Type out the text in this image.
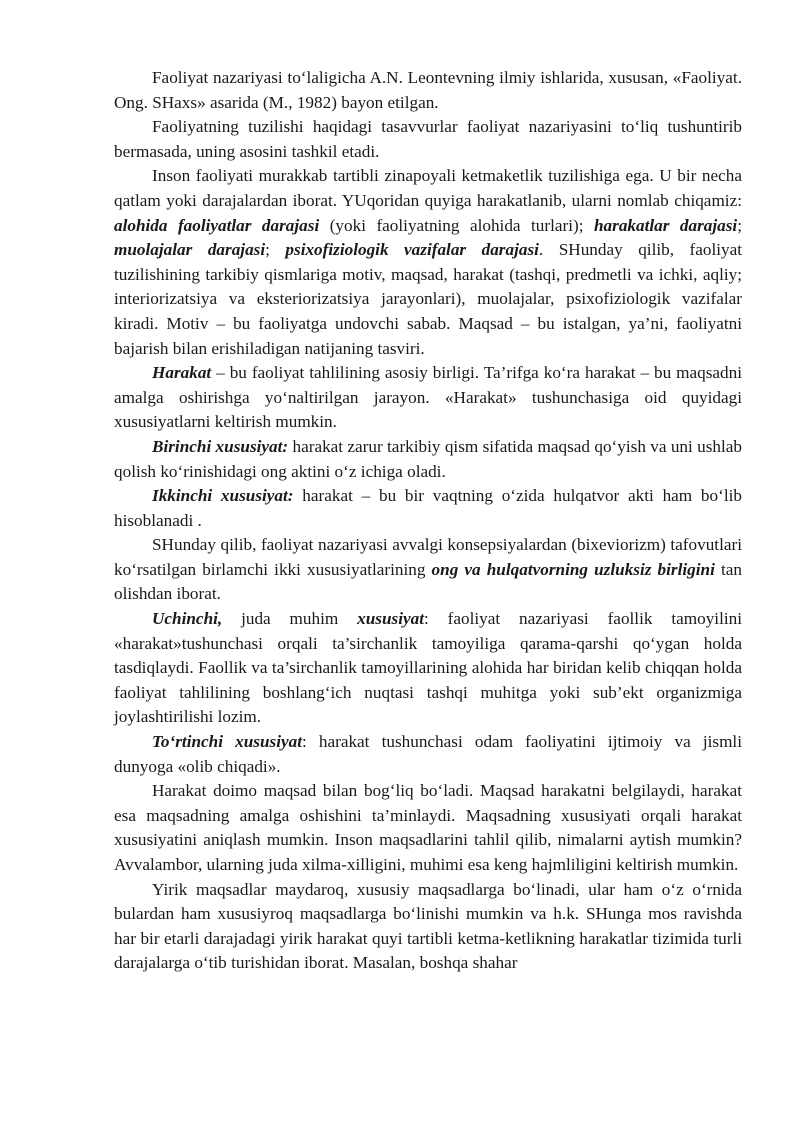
Faoliyat nazariyasi to‘laligicha A.N. Leontevning ilmiy ishlarida, xususan, «Faoliyat. Ong. SHaxs» asarida (M., 1982) bayon etilgan.

Faoliyatning tuzilishi haqidagi tasavvurlar faoliyat nazariyasini to‘liq tushuntirib bermasada, uning asosini tashkil etadi.

Inson faoliyati murakkab tartibli zinapoyali ketmaketlik tuzilishiga ega. U bir necha qatlam yoki darajalardan iborat. YUqoridan quyiga harakatlanib, ularni nomlab chiqamiz: alohida faoliyatlar darajasi (yoki faoliyatning alohida turlari); harakatlar darajasi; muolajalar darajasi; psixofiziologik vazifalar darajasi. SHunday qilib, faoliyat tuzilishining tarkibiy qismlariga motiv, maqsad, harakat (tashqi, predmetli va ichki, aqliy; interiorizatsiya va eksteriorizatsiya jarayonlari), muolajalar, psixofiziologik vazifalar kiradi. Motiv – bu faoliyatga undovchi sabab. Maqsad – bu istalgan, ya’ni, faoliyatni bajarish bilan erishiladigan natijaning tasviri.

Harakat – bu faoliyat tahlilining asosiy birligi. Ta’rifga ko‘ra harakat – bu maqsadni amalga oshirishga yo‘naltirilgan jarayon. «Harakat» tushunchasiga oid quyidagi xususiyatlarni keltirish mumkin.

Birinchi xususiyat: harakat zarur tarkibiy qism sifatida maqsad qo‘yish va uni ushlab qolish ko‘rinishidagi ong aktini o‘z ichiga oladi.

Ikkinchi xususiyat: harakat – bu bir vaqtning o‘zida hulqatvor akti ham bo‘lib hisoblanadi .

SHunday qilib, faoliyat nazariyasi avvalgi konsepsiyalardan (bixeviorizm) tafovutlari ko‘rsatilgan birlamchi ikki xususiyatlarining ong va hulqatvorning uzluksiz birligini tan olishdan iborat.

Uchinchi, juda muhim xususiyat: faoliyat nazariyasi faollik tamoyilini «harakat»tushunchasi orqali ta’sirchanlik tamoyiliga qarama-qarshi qo‘ygan holda tasdiqlaydi. Faollik va ta’sirchanlik tamoyillarining alohida har biridan kelib chiqqan holda faoliyat tahlilining boshlang‘ich nuqtasi tashqi muhitga yoki sub’ekt organizmiga joylashtirilishi lozim.

To‘rtinchi xususiyat: harakat tushunchasi odam faoliyatini ijtimoiy va jismli dunyoga «olib chiqadi».

Harakat doimo maqsad bilan bog‘liq bo‘ladi. Maqsad harakatni belgilaydi, harakat esa maqsadning amalga oshishini ta’minlaydi. Maqsadning xususiyati orqali harakat xususiyatini aniqlash mumkin. Inson maqsadlarini tahlil qilib, nimalarni aytish mumkin? Avvalambor, ularning juda xilma-xilligini, muhimi esa keng hajmliligini keltirish mumkin.

Yirik maqsadlar maydaroq, xususiy maqsadlarga bo‘linadi, ular ham o‘z o‘rnida bulardan ham xususiyroq maqsadlarga bo‘linishi mumkin va h.k. SHunga mos ravishda har bir etarli darajadagi yirik harakat quyi tartibli ketma-ketlikning harakatlar tizimida turli darajalarga o‘tib turishidan iborat. Masalan, boshqa shahar
